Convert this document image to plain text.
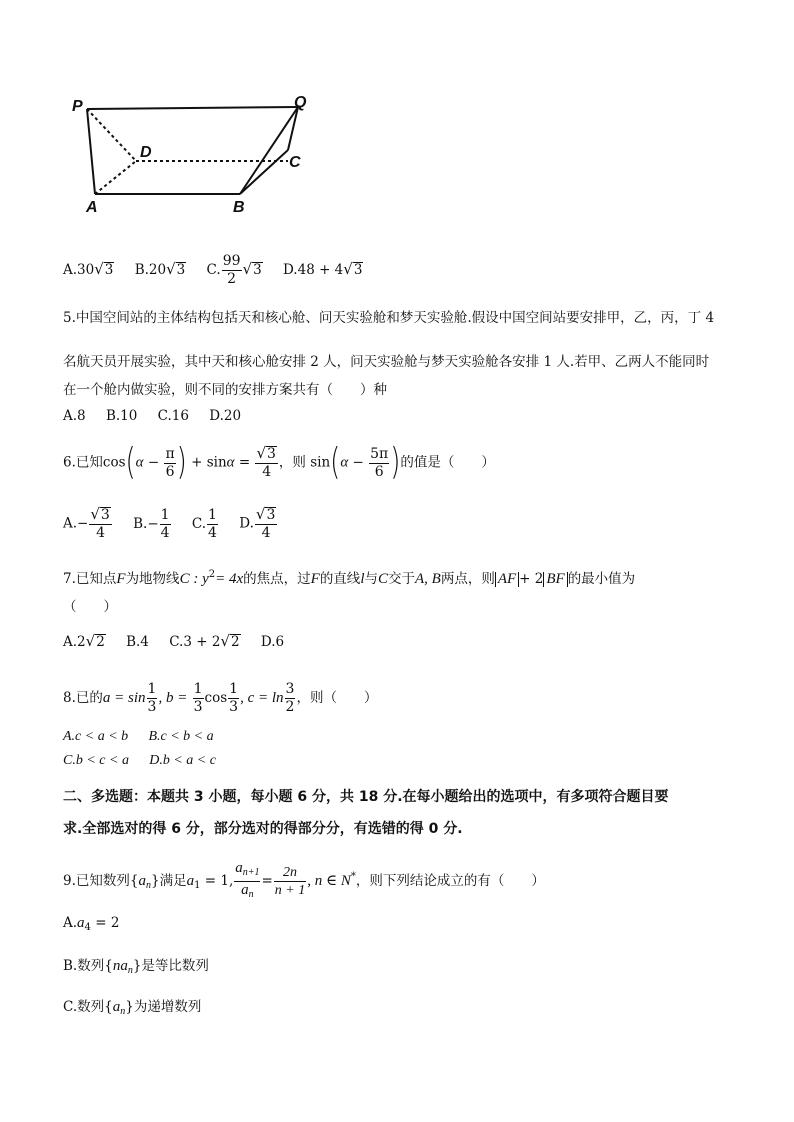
P	Q
D
C
A	B
A.30√3 B.20√3 C. $\frac{99}{2} √3$ D.48 + 4√3
5.中国空间站的主体结构包括天和核心舱、问天实验舱和梦天实验舱.假设中国空间站要安排甲，乙，丙，丁 4
名航天员开展实验，其中天和核心舱安排 2 人，问天实验舱与梦天实验舱各安排 1 人.若甲、乙两人不能同时
在一个舱内做实验，则不同的安排方案共有（　　）种
A.8 B.10 C.16 D.20
6.已知$\cos(\alpha - \frac{\pi}{6}$ ) + $\sin\alpha = \frac{√3}{4}$ ，则 $\sin(\alpha - \frac{5\pi}{6}$ )的值是（　　）
$A.- \frac{√3}{4} B.- \frac{1}{4} C$. $\frac{1}{4} D$. $\frac{√3}{4}$
7.已知点F为地物线C : $y^2= 4x$的焦点，过F的直线l与C交于A, B两点，则 AF + 2 BF 的最小值为
（　　）
A.2√2 B.4 C.3 + 2√2 D.6
8.已的$a = \sin \frac{1}{3}$ , $b = \frac{1}{3}$ $\cos \frac{1}{3}$ , $c = \ln \frac{3}{2}$ ，则（　　）
A.c < a < b B.c < b < a
C.b < c < a D.b < a < c
二、多选题：本题共 3 小题，每小题 6 分，共 18 分.在每小题给出的选项中，有多项符合题目要
求.全部选对的得 6 分，部分选对的得部分分，有选错的得 0 分.
9.已知数列$\{a_n\}$满足$a_1 = 1$, $\frac{a_{n+1}}{a_n} = \frac{2n}{n + 1}$ , n ∈ N*，则下列结论成立的有（　　）
$A.a_4 = 2$
B.数列$\{na_n\}$是等比数列
C.数列$\{a_n\}$为递增数列
